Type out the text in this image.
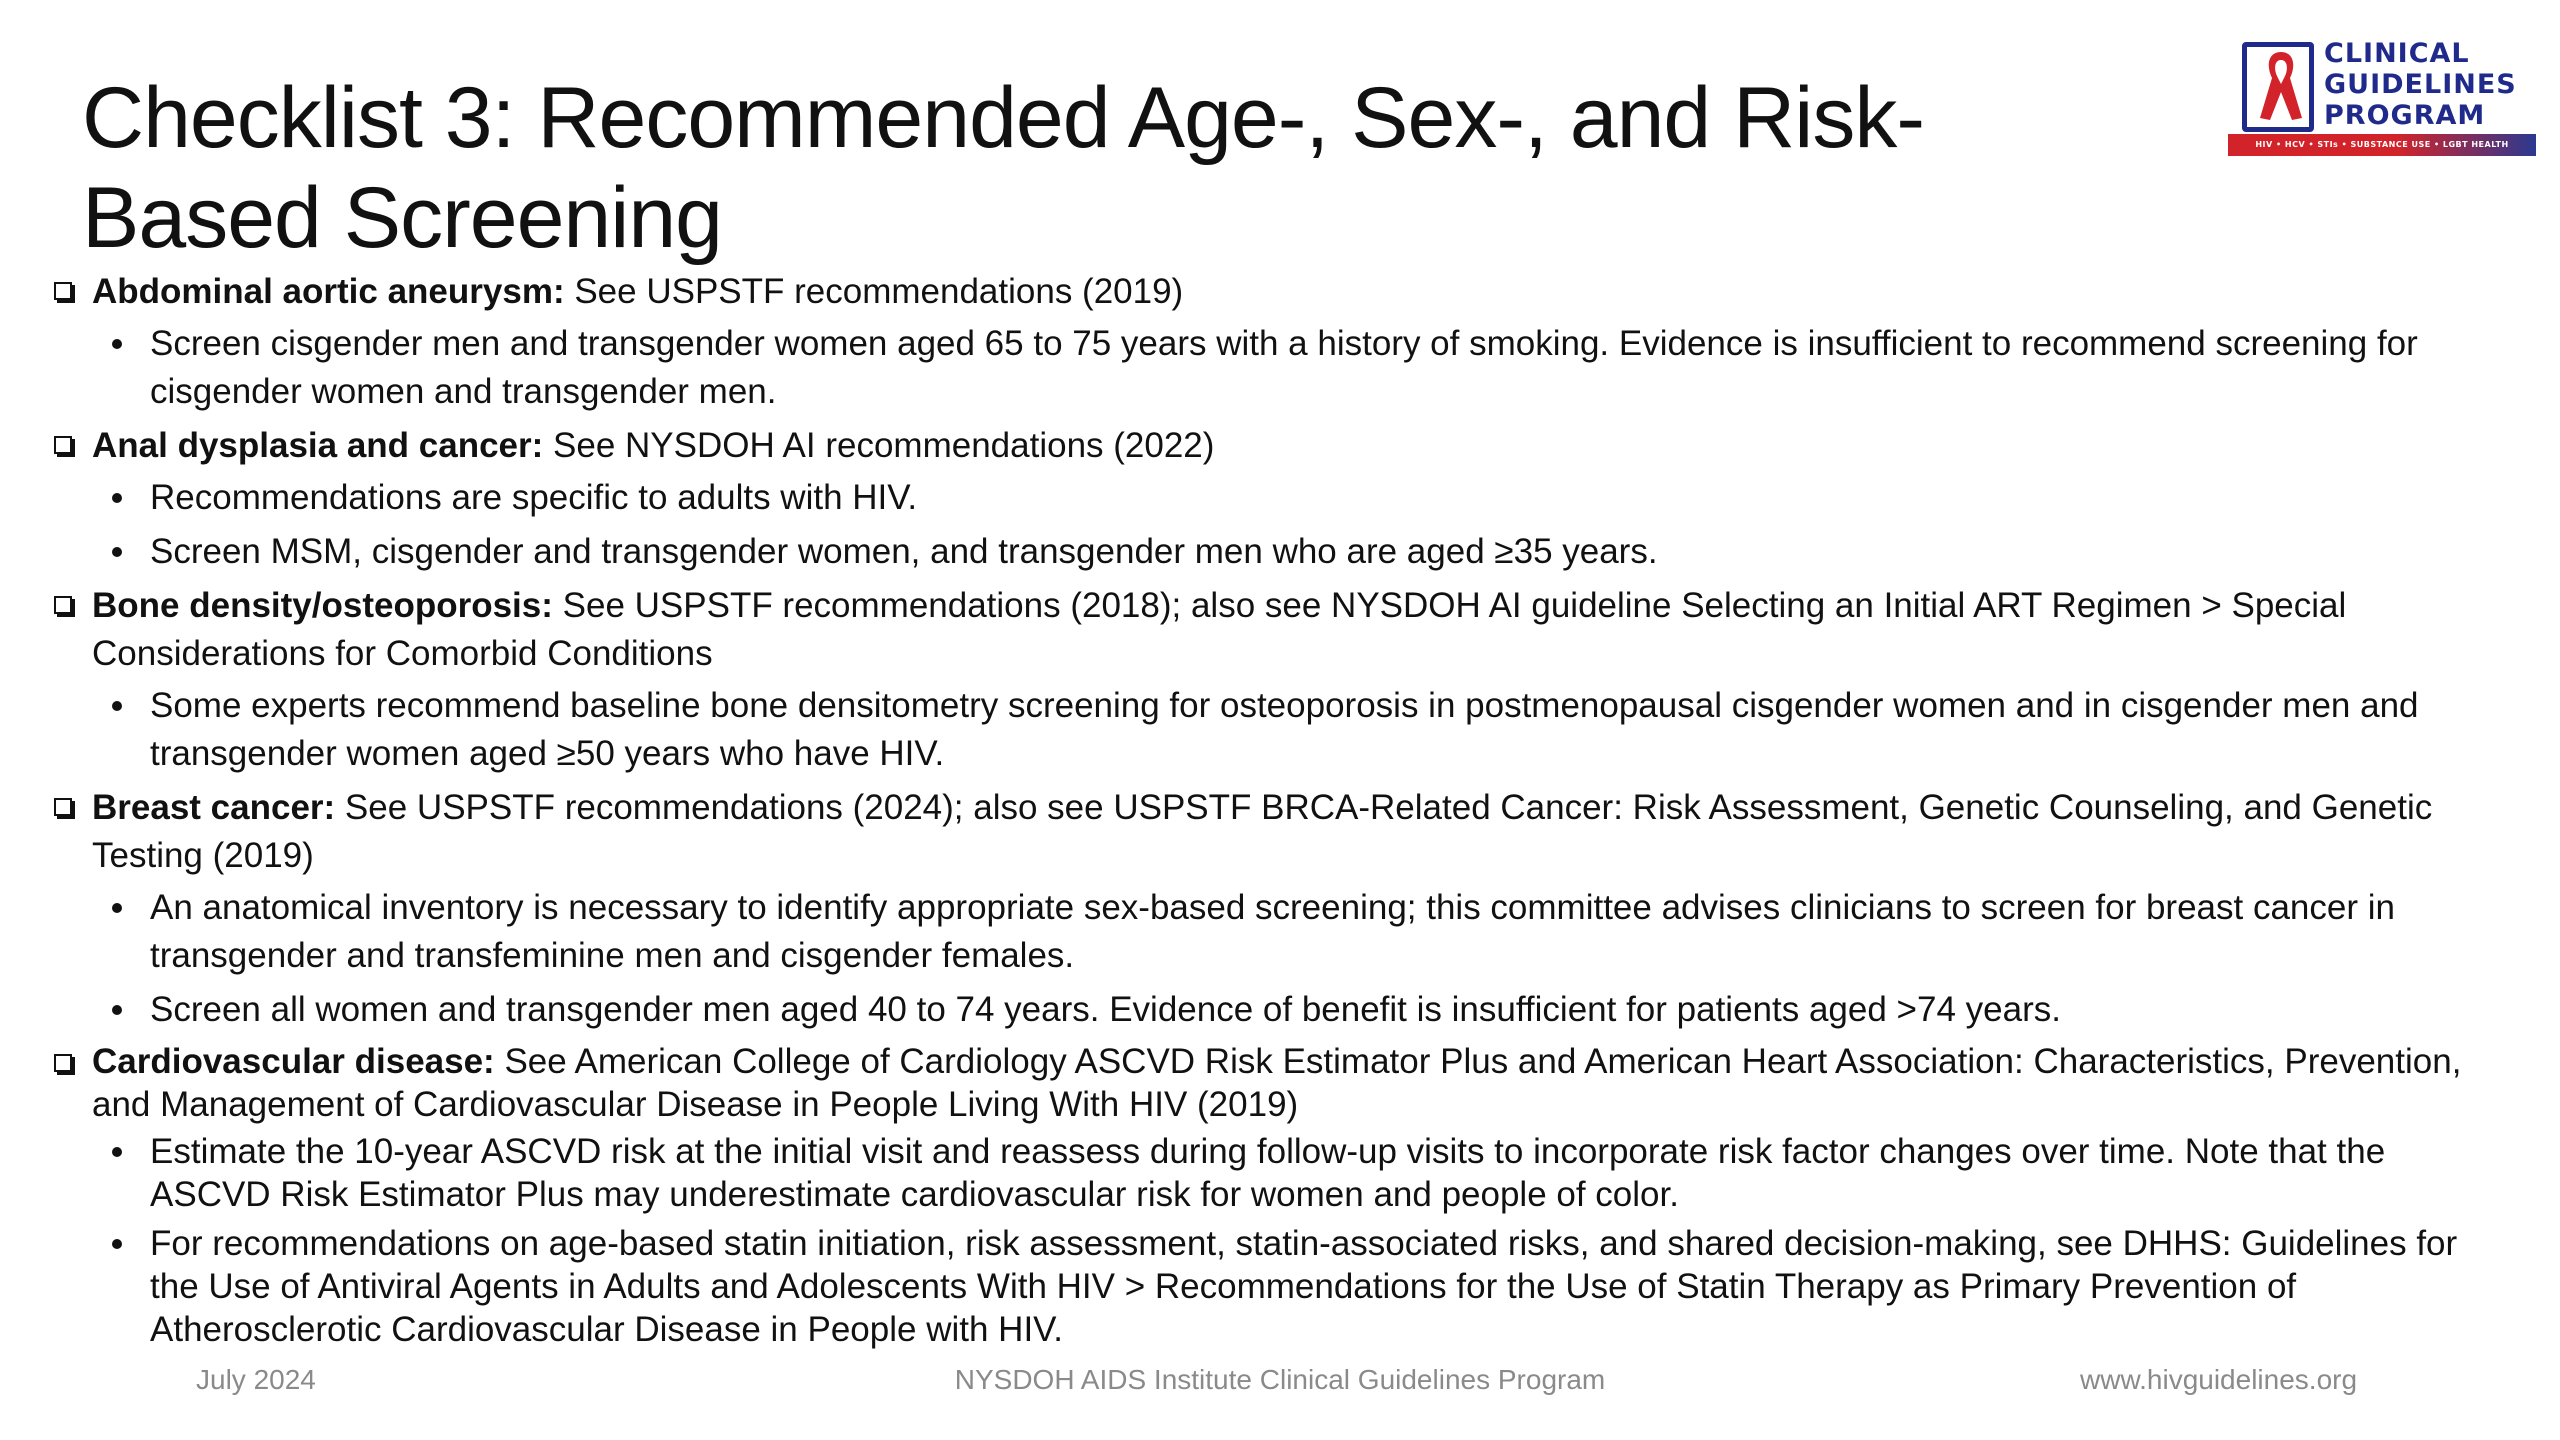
Checklist 3: Recommended Age-, Sex-, and Risk-Based Screening
CLINICAL
GUIDELINES
PROGRAM
HIV • HCV • STIs • SUBSTANCE USE • LGBT HEALTH
Abdominal aortic aneurysm: See USPSTF recommendations (2019)
Screen cisgender men and transgender women aged 65 to 75 years with a history of smoking. Evidence is insufficient to recommend screening for cisgender women and transgender men.
Anal dysplasia and cancer: See NYSDOH AI recommendations (2022)
Recommendations are specific to adults with HIV.
Screen MSM, cisgender and transgender women, and transgender men who are aged ≥35 years.
Bone density/osteoporosis: See USPSTF recommendations (2018); also see NYSDOH AI guideline Selecting an Initial ART Regimen > Special Considerations for Comorbid Conditions
Some experts recommend baseline bone densitometry screening for osteoporosis in postmenopausal cisgender women and in cisgender men and transgender women aged ≥50 years who have HIV.
Breast cancer: See USPSTF recommendations (2024); also see USPSTF BRCA-Related Cancer: Risk Assessment, Genetic Counseling, and Genetic Testing (2019)
An anatomical inventory is necessary to identify appropriate sex-based screening; this committee advises clinicians to screen for breast cancer in transgender and transfeminine men and cisgender females.
Screen all women and transgender men aged 40 to 74 years. Evidence of benefit is insufficient for patients aged >74 years.
Cardiovascular disease: See American College of Cardiology ASCVD Risk Estimator Plus and American Heart Association: Characteristics, Prevention, and Management of Cardiovascular Disease in People Living With HIV (2019)
Estimate the 10-year ASCVD risk at the initial visit and reassess during follow-up visits to incorporate risk factor changes over time. Note that the ASCVD Risk Estimator Plus may underestimate cardiovascular risk for women and people of color.
For recommendations on age-based statin initiation, risk assessment, statin-associated risks, and shared decision-making, see DHHS: Guidelines for the Use of Antiviral Agents in Adults and Adolescents With HIV > Recommendations for the Use of Statin Therapy as Primary Prevention of Atherosclerotic Cardiovascular Disease in People with HIV.
July 2024	NYSDOH AIDS Institute Clinical Guidelines Program	www.hivguidelines.org
